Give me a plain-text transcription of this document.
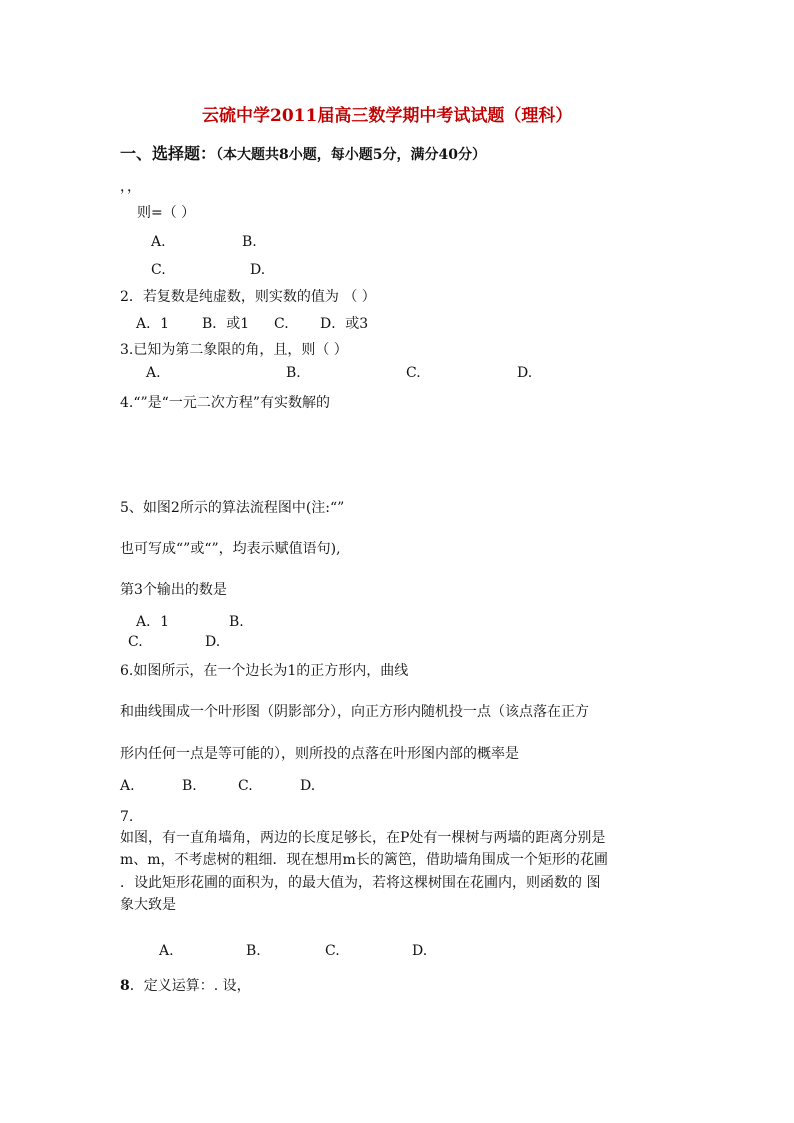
云硫中学2011届高三数学期中考试试题（理科）
一、选择题：（本大题共8小题，每小题5分，满分40分）
，，
则=（ ）
A.	B.
C.	D.
2．若复数是纯虚数，则实数的值为 （ ）
A．1 B．或1 C. D．或3
3.已知为第二象限的角，且，则（ ）
A.	B.	C.	D.
4.“”是“一元二次方程”有实数解的
5、如图2所示的算法流程图中(注:“”
也可写成“”或“”，均表示赋值语句),
第3个输出的数是
A．1	B.
C.	D.
6.如图所示，在一个边长为1的正方形内，曲线
和曲线围成一个叶形图（阴影部分），向正方形内随机投一点（该点落在正方
形内任何一点是等可能的），则所投的点落在叶形图内部的概率是
A.	B.	C.	D.
7.
如图，有一直角墙角，两边的长度足够长，在P处有一棵树与两墙的距离分别是
m、m，不考虑树的粗细．现在想用m长的篱笆，借助墙角围成一个矩形的花圃
．设此矩形花圃的面积为，的最大值为，若将这棵树围在花圃内，则函数的 图
象大致是
A.	B.	C.	D.
8．定义运算：. 设，
